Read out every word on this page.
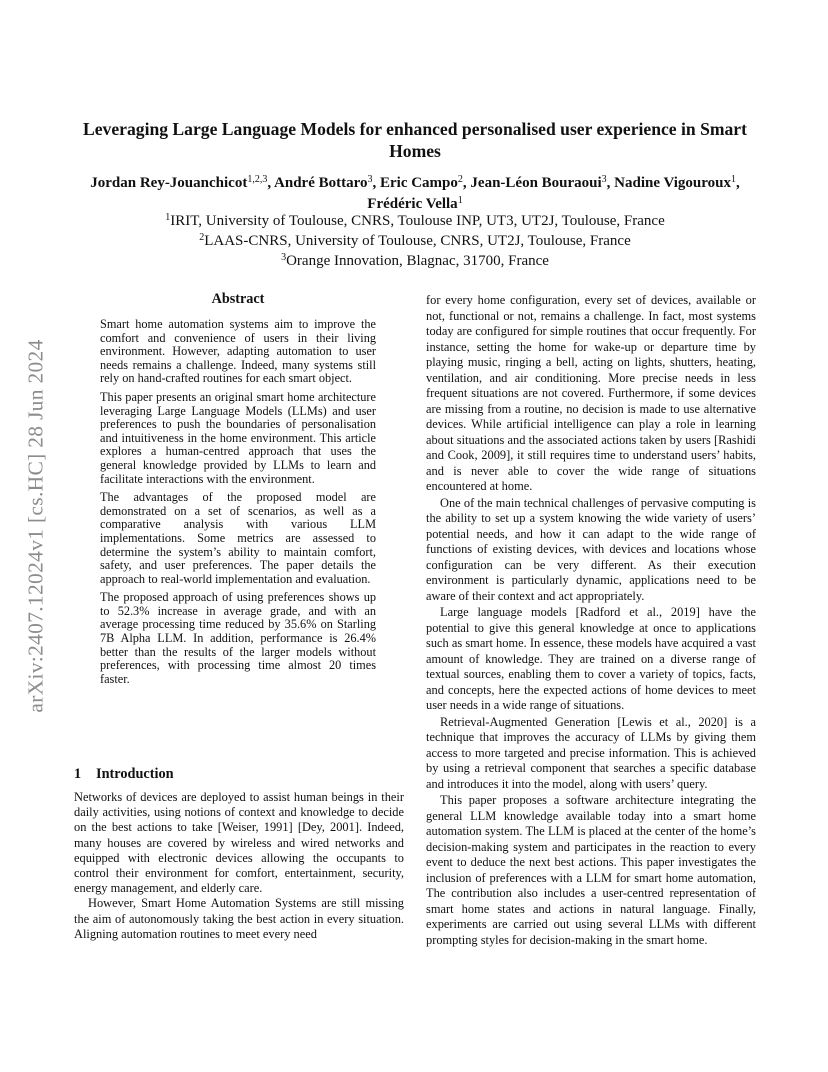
arXiv:2407.12024v1 [cs.HC] 28 Jun 2024
Leveraging Large Language Models for enhanced personalised user experience in Smart Homes
Jordan Rey-Jouanchicot$^{1,2,3}$, André Bottaro$^3$, Eric Campo$^2$, Jean-Léon Bouraoui$^3$, Nadine Vigouroux$^1$, Frédéric Vella$^1$
$^1$IRIT, University of Toulouse, CNRS, Toulouse INP, UT3, UT2J, Toulouse, France
$^2$LAAS-CNRS, University of Toulouse, CNRS, UT2J, Toulouse, France
$^3$Orange Innovation, Blagnac, 31700, France
Abstract

Smart home automation systems aim to improve the comfort and convenience of users in their living environment. However, adapting automation to user needs remains a challenge. Indeed, many systems still rely on hand-crafted routines for each smart object.

This paper presents an original smart home architecture leveraging Large Language Models (LLMs) and user preferences to push the boundaries of personalisation and intuitiveness in the home environment. This article explores a human-centred approach that uses the general knowledge provided by LLMs to learn and facilitate interactions with the environment.

The advantages of the proposed model are demonstrated on a set of scenarios, as well as a comparative analysis with various LLM implementations. Some metrics are assessed to determine the system’s ability to maintain comfort, safety, and user preferences. The paper details the approach to real-world implementation and evaluation.

The proposed approach of using preferences shows up to 52.3% increase in average grade, and with an average processing time reduced by 35.6% on Starling 7B Alpha LLM. In addition, performance is 26.4% better than the results of the larger models without preferences, with processing time almost 20 times faster.

1 Introduction

Networks of devices are deployed to assist human beings in their daily activities, using notions of context and knowledge to decide on the best actions to take [Weiser, 1991] [Dey, 2001]. Indeed, many houses are covered by wireless and wired networks and equipped with electronic devices allowing the occupants to control their environment for comfort, entertainment, security, energy management, and elderly care.

However, Smart Home Automation Systems are still missing the aim of autonomously taking the best action in every situation. Aligning automation routines to meet every need

for every home configuration, every set of devices, available or not, functional or not, remains a challenge. In fact, most systems today are configured for simple routines that occur frequently. For instance, setting the home for wake-up or departure time by playing music, ringing a bell, acting on lights, shutters, heating, ventilation, and air conditioning. More precise needs in less frequent situations are not covered. Furthermore, if some devices are missing from a routine, no decision is made to use alternative devices. While artificial intelligence can play a role in learning about situations and the associated actions taken by users [Rashidi and Cook, 2009], it still requires time to understand users’ habits, and is never able to cover the wide range of situations encountered at home.

One of the main technical challenges of pervasive computing is the ability to set up a system knowing the wide variety of users’ potential needs, and how it can adapt to the wide range of functions of existing devices, with devices and locations whose configuration can be very different. As their execution environment is particularly dynamic, applications need to be aware of their context and act appropriately.

Large language models [Radford et al., 2019] have the potential to give this general knowledge at once to applications such as smart home. In essence, these models have acquired a vast amount of knowledge. They are trained on a diverse range of textual sources, enabling them to cover a variety of topics, facts, and concepts, here the expected actions of home devices to meet user needs in a wide range of situations.

Retrieval-Augmented Generation [Lewis et al., 2020] is a technique that improves the accuracy of LLMs by giving them access to more targeted and precise information. This is achieved by using a retrieval component that searches a specific database and introduces it into the model, along with users’ query.

This paper proposes a software architecture integrating the general LLM knowledge available today into a smart home automation system. The LLM is placed at the center of the home’s decision-making system and participates in the reaction to every event to deduce the next best actions. This paper investigates the inclusion of preferences with a LLM for smart home automation, The contribution also includes a user-centred representation of smart home states and actions in natural language. Finally, experiments are carried out using several LLMs with different prompting styles for decision-making in the smart home.
